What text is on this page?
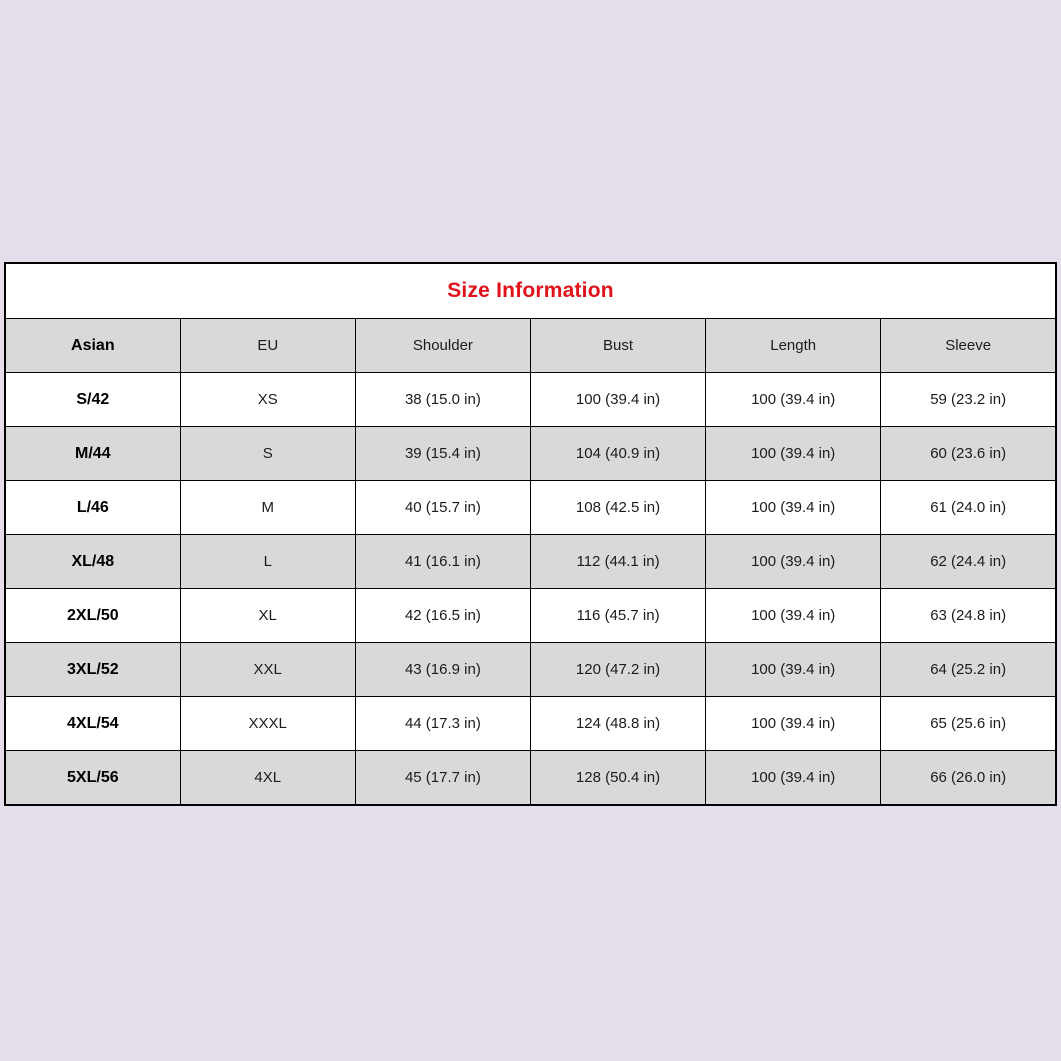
Size Information					
Asian	EU	Shoulder	Bust	Length	Sleeve
S/42	XS	38 (15.0 in)	100 (39.4 in)	100 (39.4 in)	59 (23.2 in)
M/44	S	39 (15.4 in)	104 (40.9 in)	100 (39.4 in)	60 (23.6 in)
L/46	M	40 (15.7 in)	108 (42.5 in)	100 (39.4 in)	61 (24.0 in)
XL/48	L	41 (16.1 in)	112 (44.1 in)	100 (39.4 in)	62 (24.4 in)
2XL/50	XL	42 (16.5 in)	116 (45.7 in)	100 (39.4 in)	63 (24.8 in)
3XL/52	XXL	43 (16.9 in)	120 (47.2 in)	100 (39.4 in)	64 (25.2 in)
4XL/54	XXXL	44 (17.3 in)	124 (48.8 in)	100 (39.4 in)	65 (25.6 in)
5XL/56	4XL	45 (17.7 in)	128 (50.4 in)	100 (39.4 in)	66 (26.0 in)
